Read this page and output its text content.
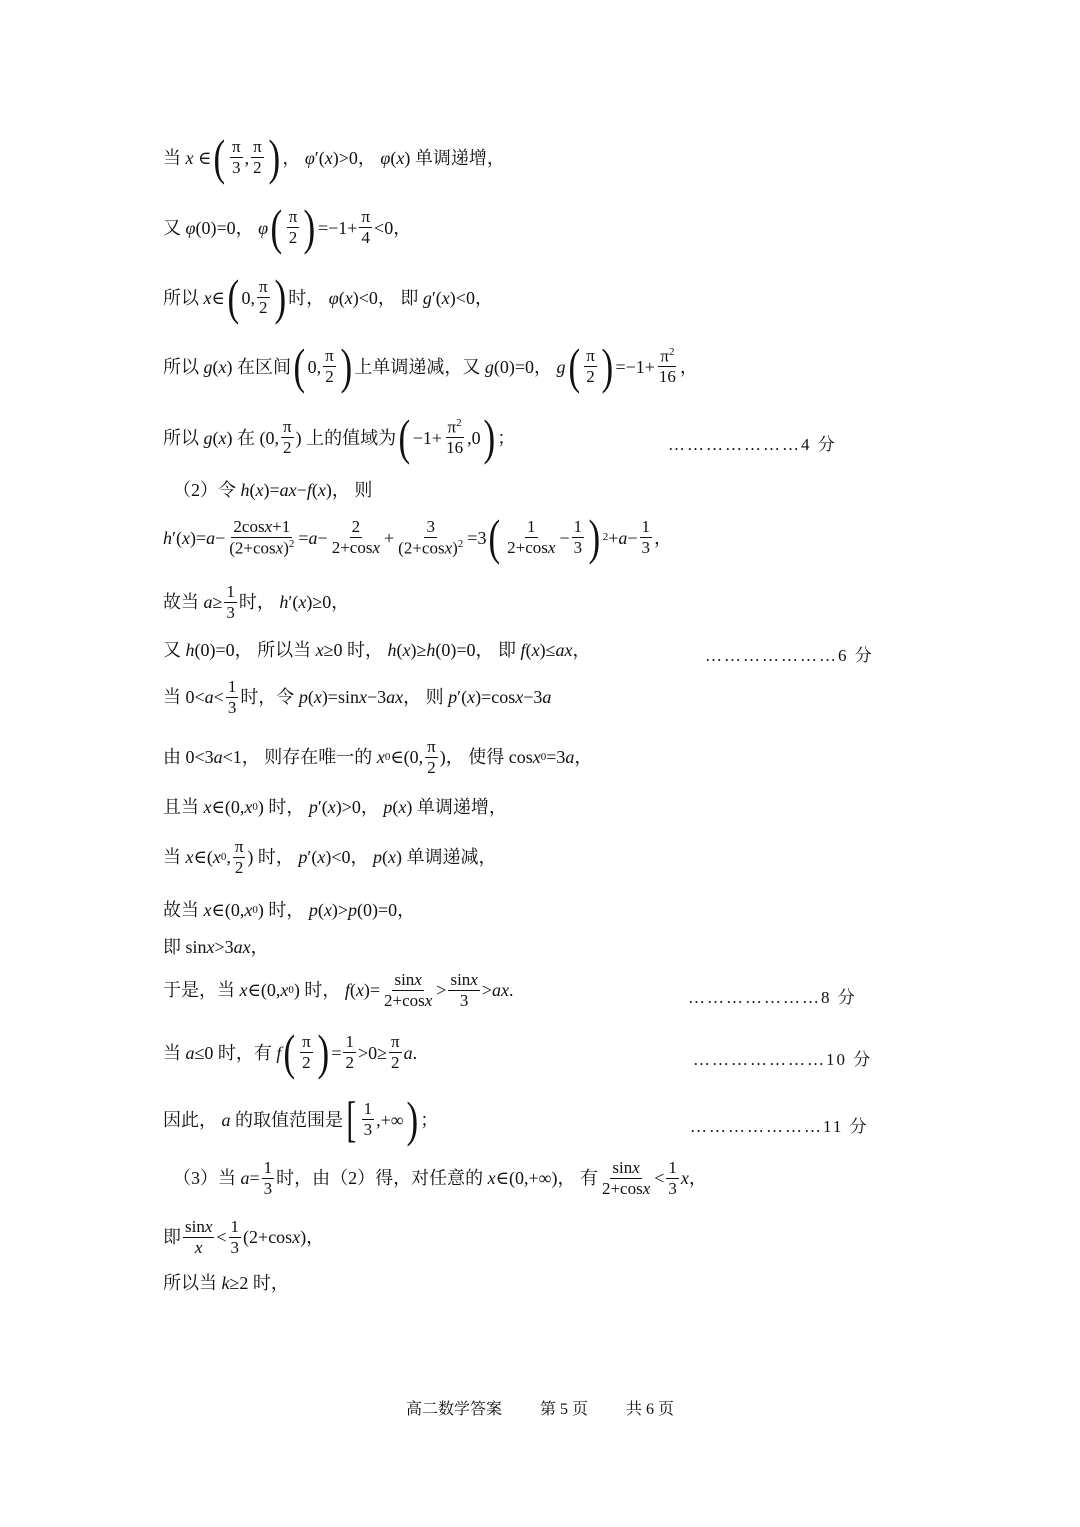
当 x ∈ ( $\frac{\pi}{3}$ , $\frac{\pi}{2}$ ) ， φ ′( x )>0， φ ( x ) 单调递增，
又 φ (0)=0， φ ( $\frac{\pi}{2}$ ) $=-1+ \frac{\pi}{4} <0$，
所以 x ∈ ( 0, $\frac{\pi}{2}$ ) 时， φ ( x )<0， 即 g ′( x )<0，
所以 g ( x ) 在区间 ( 0, $\frac{\pi}{2}$ ) 上单调递减，又 g (0)=0， g ( $\frac{\pi}{2}$ ) $=-1+ \frac{\pi^2}{16}$ ，
所以 g ( x ) 在 (0, $\frac{\pi}{2}$ ) 上的值域为 ( $-1+ \frac{\pi^2}{16} ,0$ ) ；	…………………4 分
（2）令 h ( x )= ax − f ( x )， 则
h ′( x )= $a - \frac{2\cos x+1}{(2+\cos x)^2} = a - \frac{2}{2+\cos x} + \frac{3}{(2+\cos x)^2} =3$ ( $\frac{1}{2+\cos x} - \frac{1}{3}$ ) $2 + a - \frac{1}{3}$ ，
故当 $a \ge \frac{1}{3}$ 时， h ′( x )≥0，
又 h (0)=0， 所以当 x ≥0 时， h ( x )≥ h (0)=0， 即 f ( x )≤ ax ，	…………………6 分
当 $0< a < \frac{1}{3}$ 时，令 p ( x )=sin x −3 ax ， 则 p ′( x )=cos x −3 a
由 0<3 a <1， 则存在唯一的 x 0 ∈(0, $\frac{\pi}{2}$ )， 使得 cos x 0 =3 a ，
且当 x ∈(0, x 0 ) 时， p ′( x )>0， p ( x ) 单调递增，
当 x ∈( x 0 , $\frac{\pi}{2}$ ) 时， p ′( x )<0， p ( x ) 单调递减，
故当 x ∈(0, x 0 ) 时， p ( x )> p (0)=0，
即 sin x >3 ax ，
于是，当 x ∈(0, x 0 ) 时， f ( x )= $\frac{\sin x}{2+\cos x} > \frac{\sin x}{3}$ > ax .	…………………8 分
当 a ≤0 时，有 f ( $\frac{\pi}{2}$ ) = $\frac{1}{2} >0\ge \frac{\pi}{2}$ a .	…………………10 分
因此， a 的取值范围是 [ $\frac{1}{3}$ ,+∞ ) ；	…………………11 分
（3）当 $a = \frac{1}{3}$ 时，由（2）得，对任意的 x ∈(0,+∞)， 有 $\frac{\sin x}{2+\cos x} < \frac{1}{3}$ x ，
即 $\frac{\sin x}{x} < \frac{1}{3} (2+\cos$ x )，
所以当 k ≥2 时，
高二数学答案 第 5 页 共 6 页
